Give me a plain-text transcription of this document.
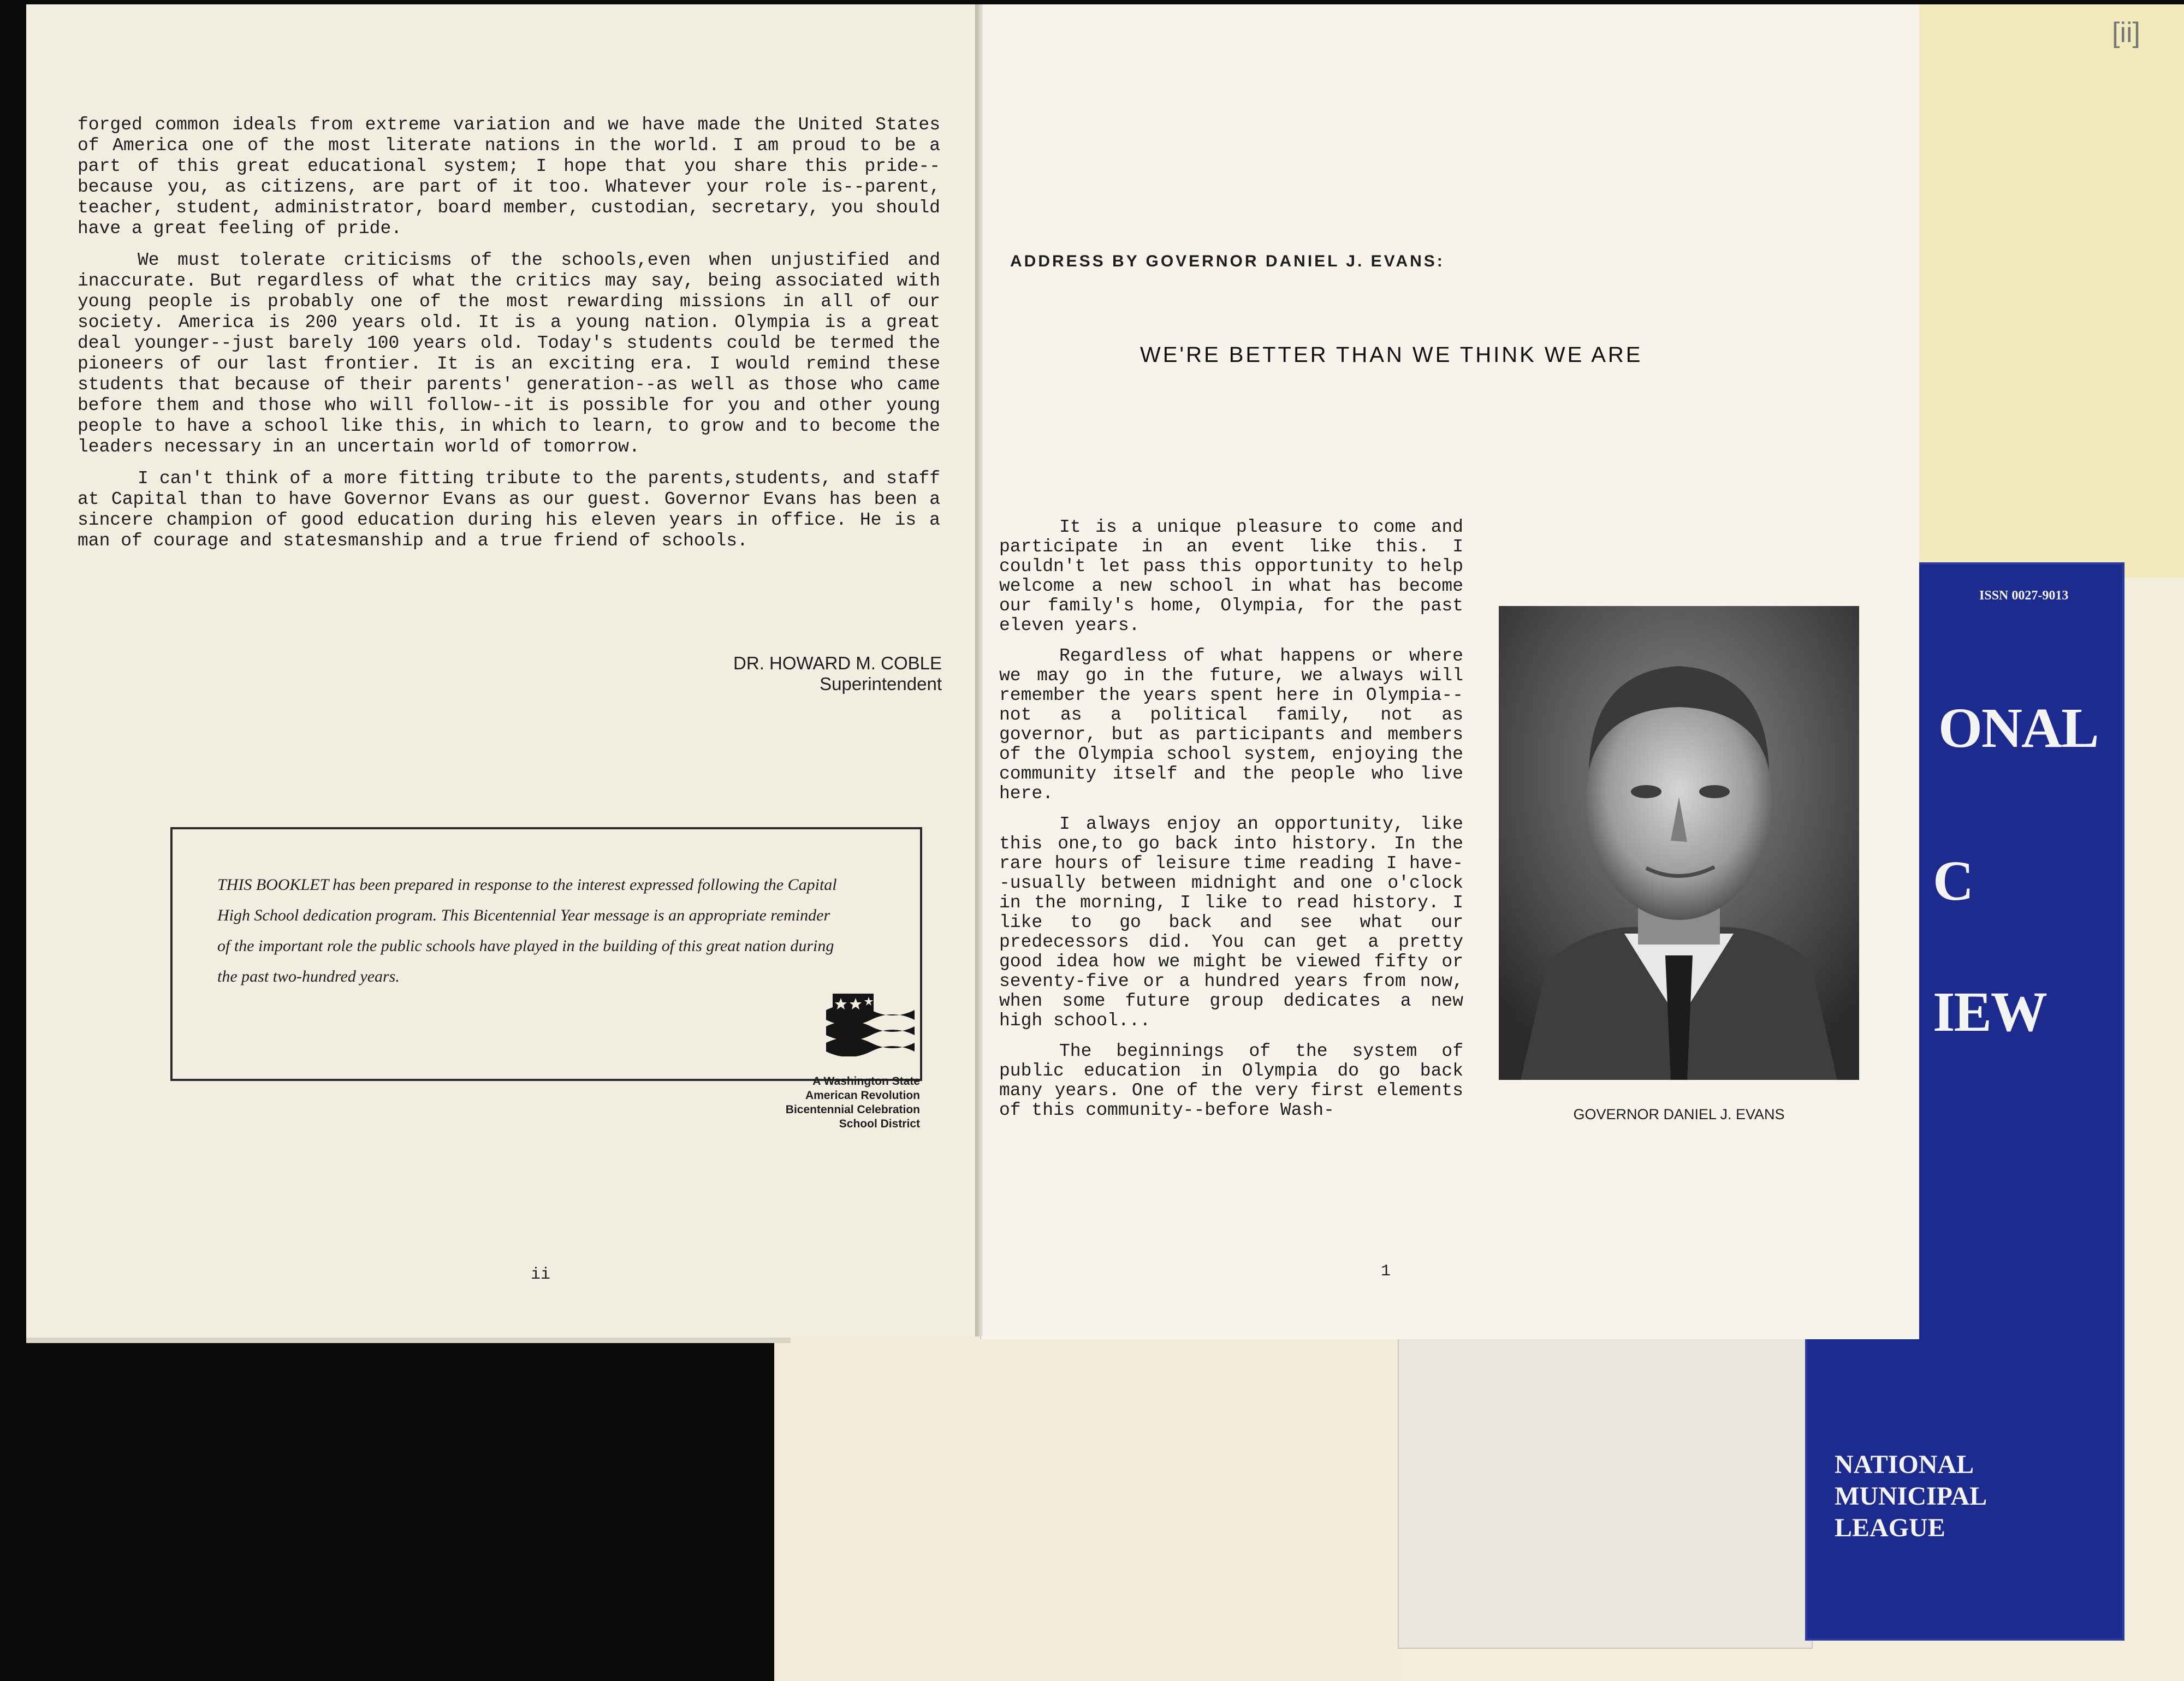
[ii]
ISSN 0027-9013
ONAL
C
IEW
NATIONAL
MUNICIPAL
LEAGUE

forged common ideals from extreme variation and we have made the United States of America one of the most literate nations in the world. I am proud to be a part of this great educational system; I hope that you share this pride--because you, as citizens, are part of it too. Whatever your role is--parent, teacher, student, administrator, board member, custodian, secretary, you should have a great feeling of pride.

We must tolerate criticisms of the schools,even when unjustified and inaccurate. But regardless of what the critics may say, being associated with young people is probably one of the most rewarding missions in all of our society. America is 200 years old. It is a young nation. Olympia is a great deal younger--just barely 100 years old. Today's students could be termed the pioneers of our last frontier. It is an exciting era. I would remind these students that because of their parents' generation--as well as those who came before them and those who will follow--it is possible for you and other young people to have a school like this, in which to learn, to grow and to become the leaders necessary in an uncertain world of tomorrow.

I can't think of a more fitting tribute to the parents,students, and staff at Capital than to have Governor Evans as our guest. Governor Evans has been a sincere champion of good education during his eleven years in office. He is a man of courage and statesmanship and a true friend of schools.

DR. HOWARD M. COBLE
Superintendent
THIS BOOKLET has been prepared in response to the interest expressed following the Capital High School dedication program. This Bicentennial Year message is an appropriate reminder of the important role the public schools have played in the building of this great nation during the past two-hundred years.
A Washington State
American Revolution
Bicentennial Celebration
School District
ii
ADDRESS BY GOVERNOR DANIEL J. EVANS:
WE'RE BETTER THAN WE THINK WE ARE

It is a unique pleasure to come and participate in an event like this. I couldn't let pass this opportunity to help welcome a new school in what has become our family's home, Olympia, for the past eleven years.

Regardless of what happens or where we may go in the future, we always will remember the years spent here in Olympia--not as a political family, not as governor, but as participants and members of the Olympia school system, enjoying the community itself and the people who live here.

I always enjoy an opportunity, like this one,to go back into history. In the rare hours of leisure time reading I have--usually between midnight and one o'clock in the morning, I like to read history. I like to go back and see what our predecessors did. You can get a pretty good idea how we might be viewed fifty or seventy-five or a hundred years from now, when some future group dedicates a new high school...

The beginnings of the system of public education in Olympia do go back many years. One of the very first elements of this community--before Wash-	GOVERNOR DANIEL J. EVANS
1
